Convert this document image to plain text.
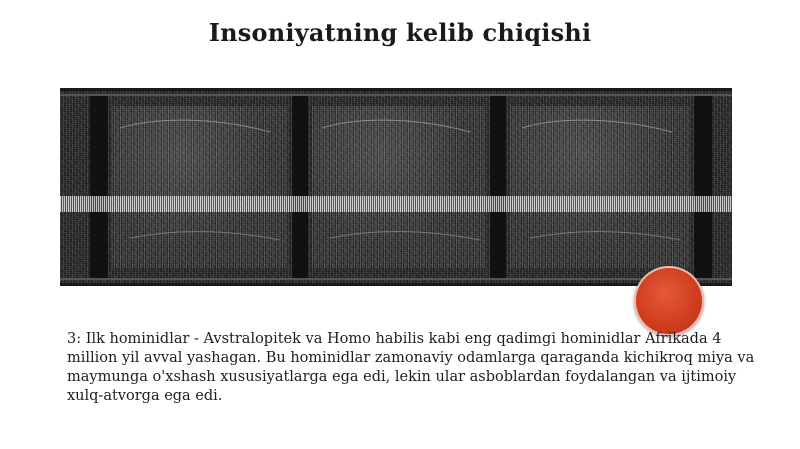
Insoniyatning kelib chiqishi
3: Ilk hominidlar - Avstralopitek va Homo habilis kabi eng qadimgi hominidlar Afrikada 4 million yil avval yashagan. Bu hominidlar zamonaviy odamlarga qaraganda kichikroq miya va maymunga o'xshash xususiyatlarga ega edi, lekin ular asboblardan foydalangan va ijtimoiy xulq-atvorga ega edi.
